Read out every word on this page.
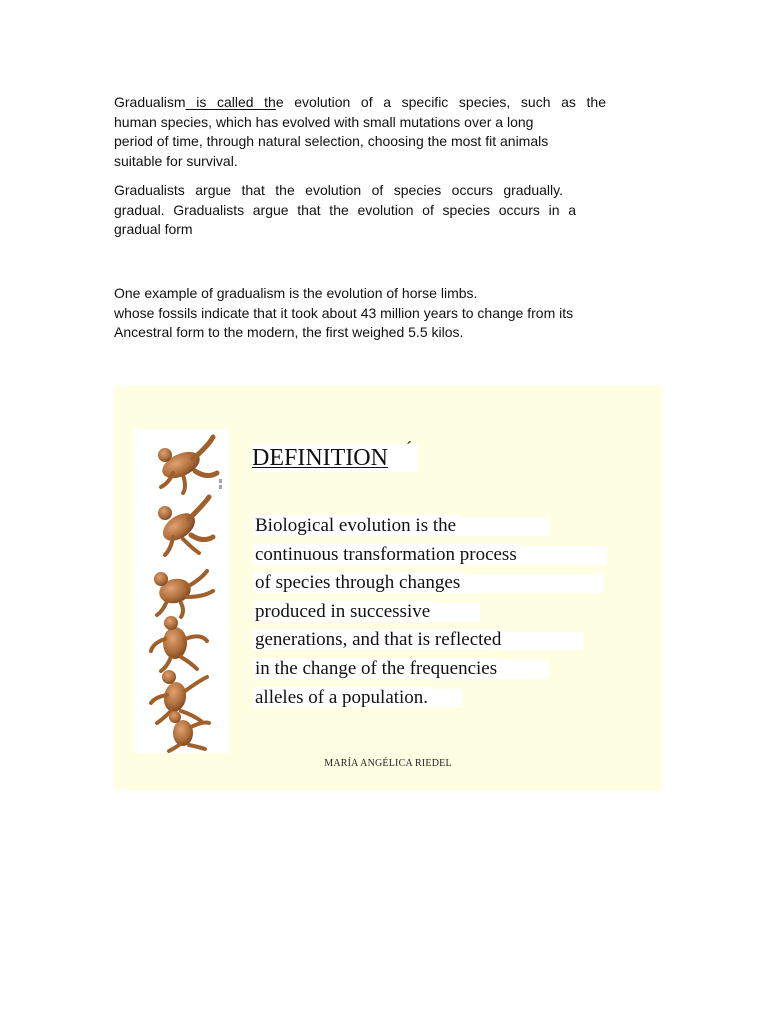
Gradualism is called the evolution of a specific species, such as the
human species, which has evolved with small mutations over a long
period of time, through natural selection, choosing the most fit animals
suitable for survival.
Gradualists argue that the evolution of species occurs gradually.
gradual. Gradualists argue that the evolution of species occurs in a
gradual form
One example of gradualism is the evolution of horse limbs.
whose fossils indicate that it took about 43 million years to change from its
Ancestral form to the modern, the first weighed 5.5 kilos.
DEFINITION ´
Biological evolution is the
continuous transformation process
of species through changes
produced in successive
generations, and that is reflected
in the change of the frequencies
alleles of a population.
MARÍA ANGÉLICA RIEDEL
